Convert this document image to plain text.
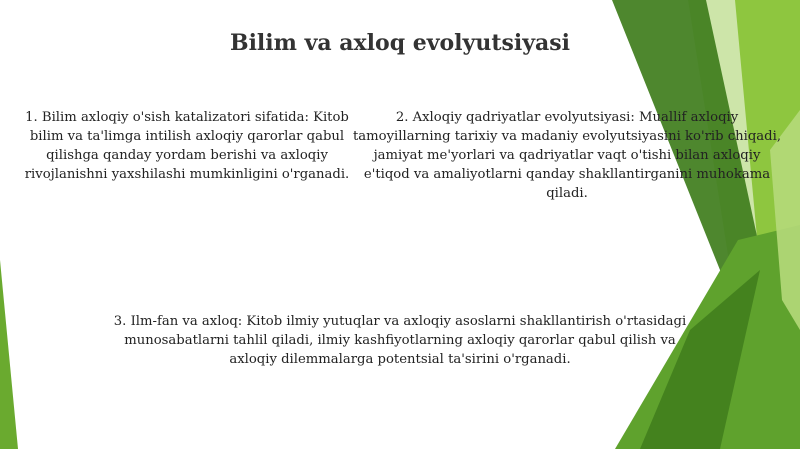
Bilim va axloq evolyutsiyasi
1. Bilim axloqiy o'sish katalizatori sifatida: Kitob bilim va ta'limga intilish axloqiy qarorlar qabul qilishga qanday yordam berishi va axloqiy rivojlanishni yaxshilashi mumkinligini o'rganadi.
2. Axloqiy qadriyatlar evolyutsiyasi: Muallif axloqiy tamoyillarning tarixiy va madaniy evolyutsiyasini ko'rib chiqadi, jamiyat me'yorlari va qadriyatlar vaqt o'tishi bilan axloqiy e'tiqod va amaliyotlarni qanday shakllantirganini muhokama qiladi.
3. Ilm-fan va axloq: Kitob ilmiy yutuqlar va axloqiy asoslarni shakllantirish o'rtasidagi munosabatlarni tahlil qiladi, ilmiy kashfiyotlarning axloqiy qarorlar qabul qilish va axloqiy dilemmalarga potentsial ta'sirini o'rganadi.
